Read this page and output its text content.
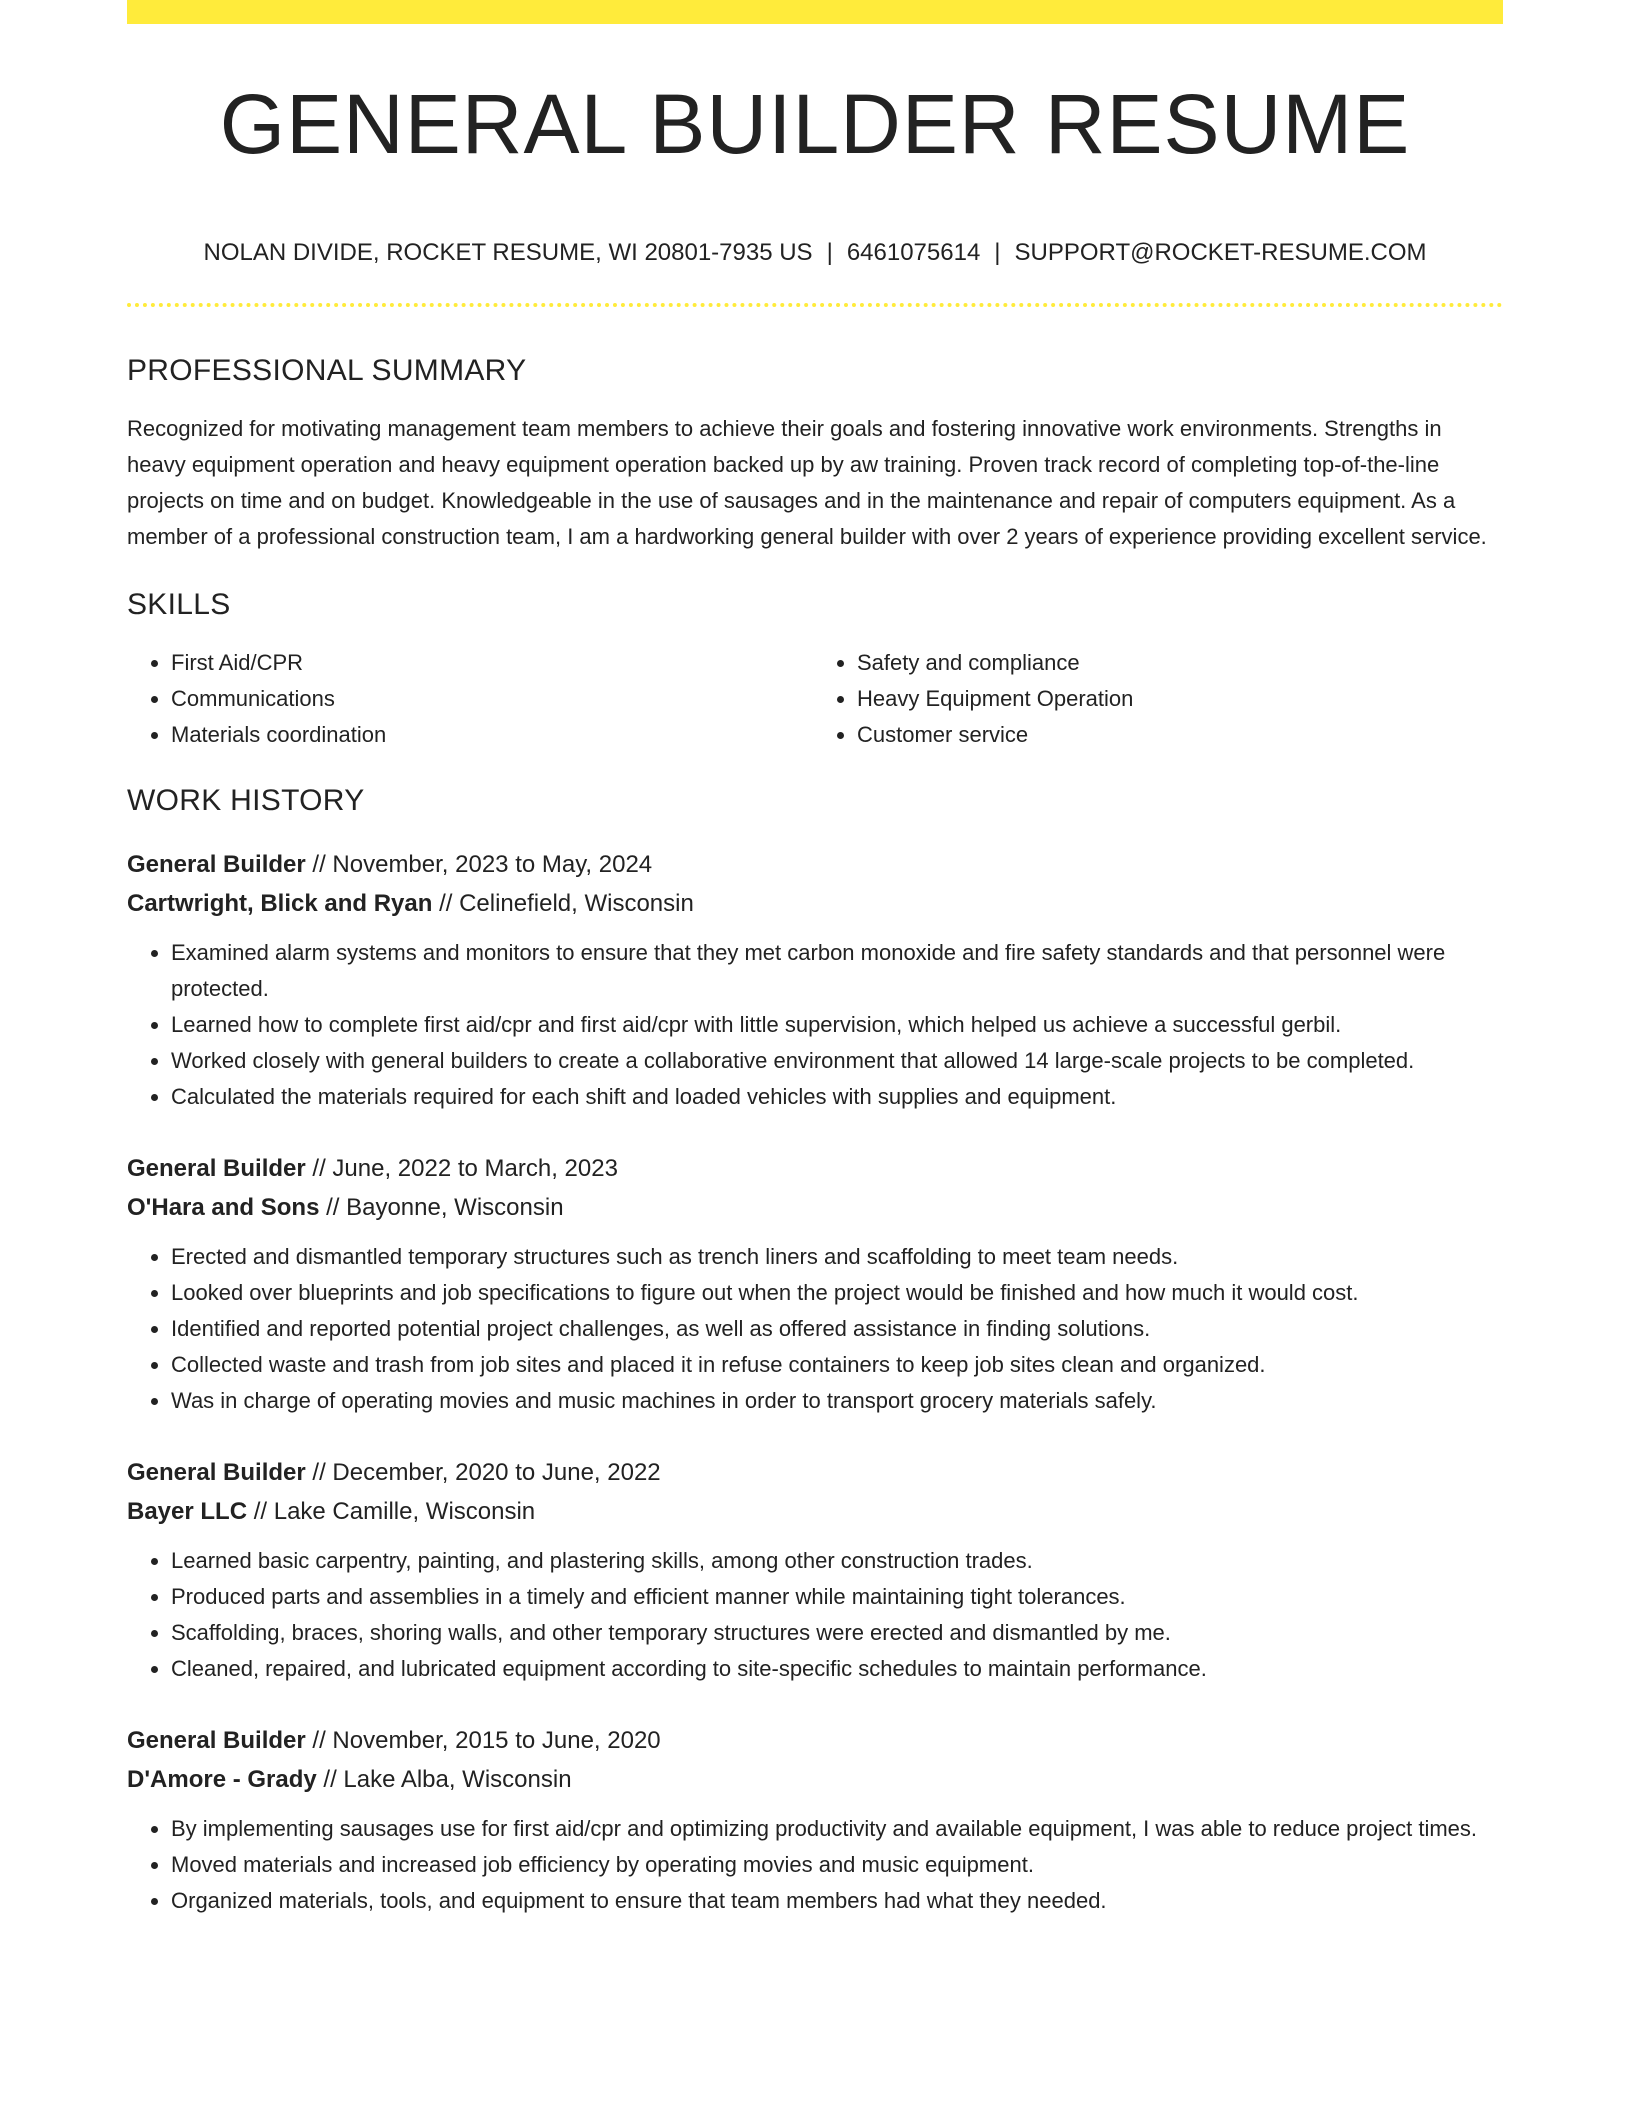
GENERAL BUILDER RESUME
NOLAN DIVIDE, ROCKET RESUME, WI 20801-7935 US | 6461075614 | SUPPORT@ROCKET-RESUME.COM
PROFESSIONAL SUMMARY

Recognized for motivating management team members to achieve their goals and fostering innovative work environments. Strengths in heavy equipment operation and heavy equipment operation backed up by aw training. Proven track record of completing top-of-the-line projects on time and on budget. Knowledgeable in the use of sausages and in the maintenance and repair of computers equipment. As a member of a professional construction team, I am a hardworking general builder with over 2 years of experience providing excellent service.

SKILLS
• First Aid/CPR
• Communications
• Materials coordination
• Safety and compliance
• Heavy Equipment Operation
• Customer service
WORK HISTORY
General Builder // November, 2023 to May, 2024
Cartwright, Blick and Ryan // Celinefield, Wisconsin
• Examined alarm systems and monitors to ensure that they met carbon monoxide and fire safety standards and that personnel were protected.
• Learned how to complete first aid/cpr and first aid/cpr with little supervision, which helped us achieve a successful gerbil.
• Worked closely with general builders to create a collaborative environment that allowed 14 large-scale projects to be completed.
• Calculated the materials required for each shift and loaded vehicles with supplies and equipment.
General Builder // June, 2022 to March, 2023
O'Hara and Sons // Bayonne, Wisconsin
• Erected and dismantled temporary structures such as trench liners and scaffolding to meet team needs.
• Looked over blueprints and job specifications to figure out when the project would be finished and how much it would cost.
• Identified and reported potential project challenges, as well as offered assistance in finding solutions.
• Collected waste and trash from job sites and placed it in refuse containers to keep job sites clean and organized.
• Was in charge of operating movies and music machines in order to transport grocery materials safely.
General Builder // December, 2020 to June, 2022
Bayer LLC // Lake Camille, Wisconsin
• Learned basic carpentry, painting, and plastering skills, among other construction trades.
• Produced parts and assemblies in a timely and efficient manner while maintaining tight tolerances.
• Scaffolding, braces, shoring walls, and other temporary structures were erected and dismantled by me.
• Cleaned, repaired, and lubricated equipment according to site-specific schedules to maintain performance.
General Builder // November, 2015 to June, 2020
D'Amore - Grady // Lake Alba, Wisconsin
• By implementing sausages use for first aid/cpr and optimizing productivity and available equipment, I was able to reduce project times.
• Moved materials and increased job efficiency by operating movies and music equipment.
• Organized materials, tools, and equipment to ensure that team members had what they needed.
